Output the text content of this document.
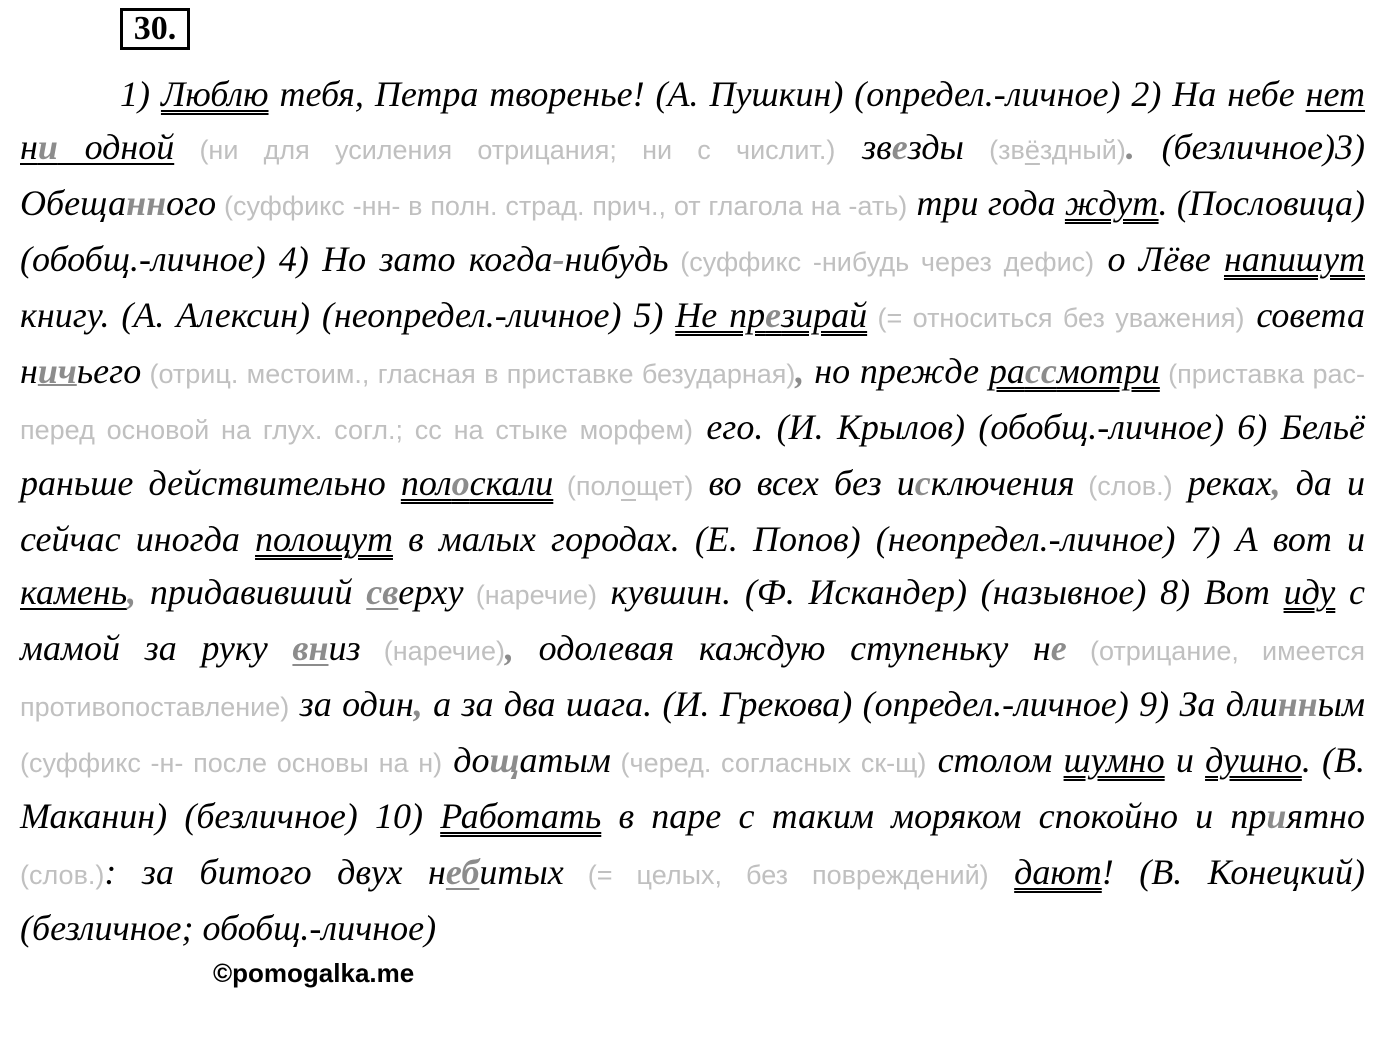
30.
1) Люблю тебя, Петра творенье! (А. Пушкин) (определ.-личное) 2) На небе нет ни одной (ни для усиления отрицания; ни с числит.) звезды (звёздный). (безличное)3) Обещанного (суффикс -нн- в полн. страд. прич., от глагола на -ать) три года ждут. (Пословица) (обобщ.-личное) 4) Но зато когда-нибудь (суффикс -нибудь через дефис) о Лёве напишут книгу. (А. Алексин) (неопредел.-личное) 5) Не презирай (= относиться без уважения) совета ничьего (отриц. местоим., гласная в приставке безударная), но прежде рассмотри (приставка рас- перед основой на глух. согл.; сс на стыке морфем) его. (И. Крылов) (обобщ.-личное) 6) Бельё раньше действительно полоскали (полощет) во всех без исключения (слов.) реках, да и сейчас иногда полощут в малых городах. (Е. Попов) (неопредел.-личное) 7) А вот и камень, придавивший сверху (наречие) кувшин. (Ф. Искандер) (назывное) 8) Вот иду с мамой за руку вниз (наречие), одолевая каждую ступеньку не (отрицание, имеется противопоставление) за один, а за два шага. (И. Грекова) (определ.-личное) 9) За длинным (суффикс -н- после основы на н) дощатым (черед. согласных ск-щ) столом шумно и душно. (В. Маканин) (безличное) 10) Работать в паре с таким моряком спокойно и приятно (слов.): за битого двух небитых (= целых, без повреждений) дают! (В. Конецкий) (безличное; обобщ.-личное)
©pomogalka.me
